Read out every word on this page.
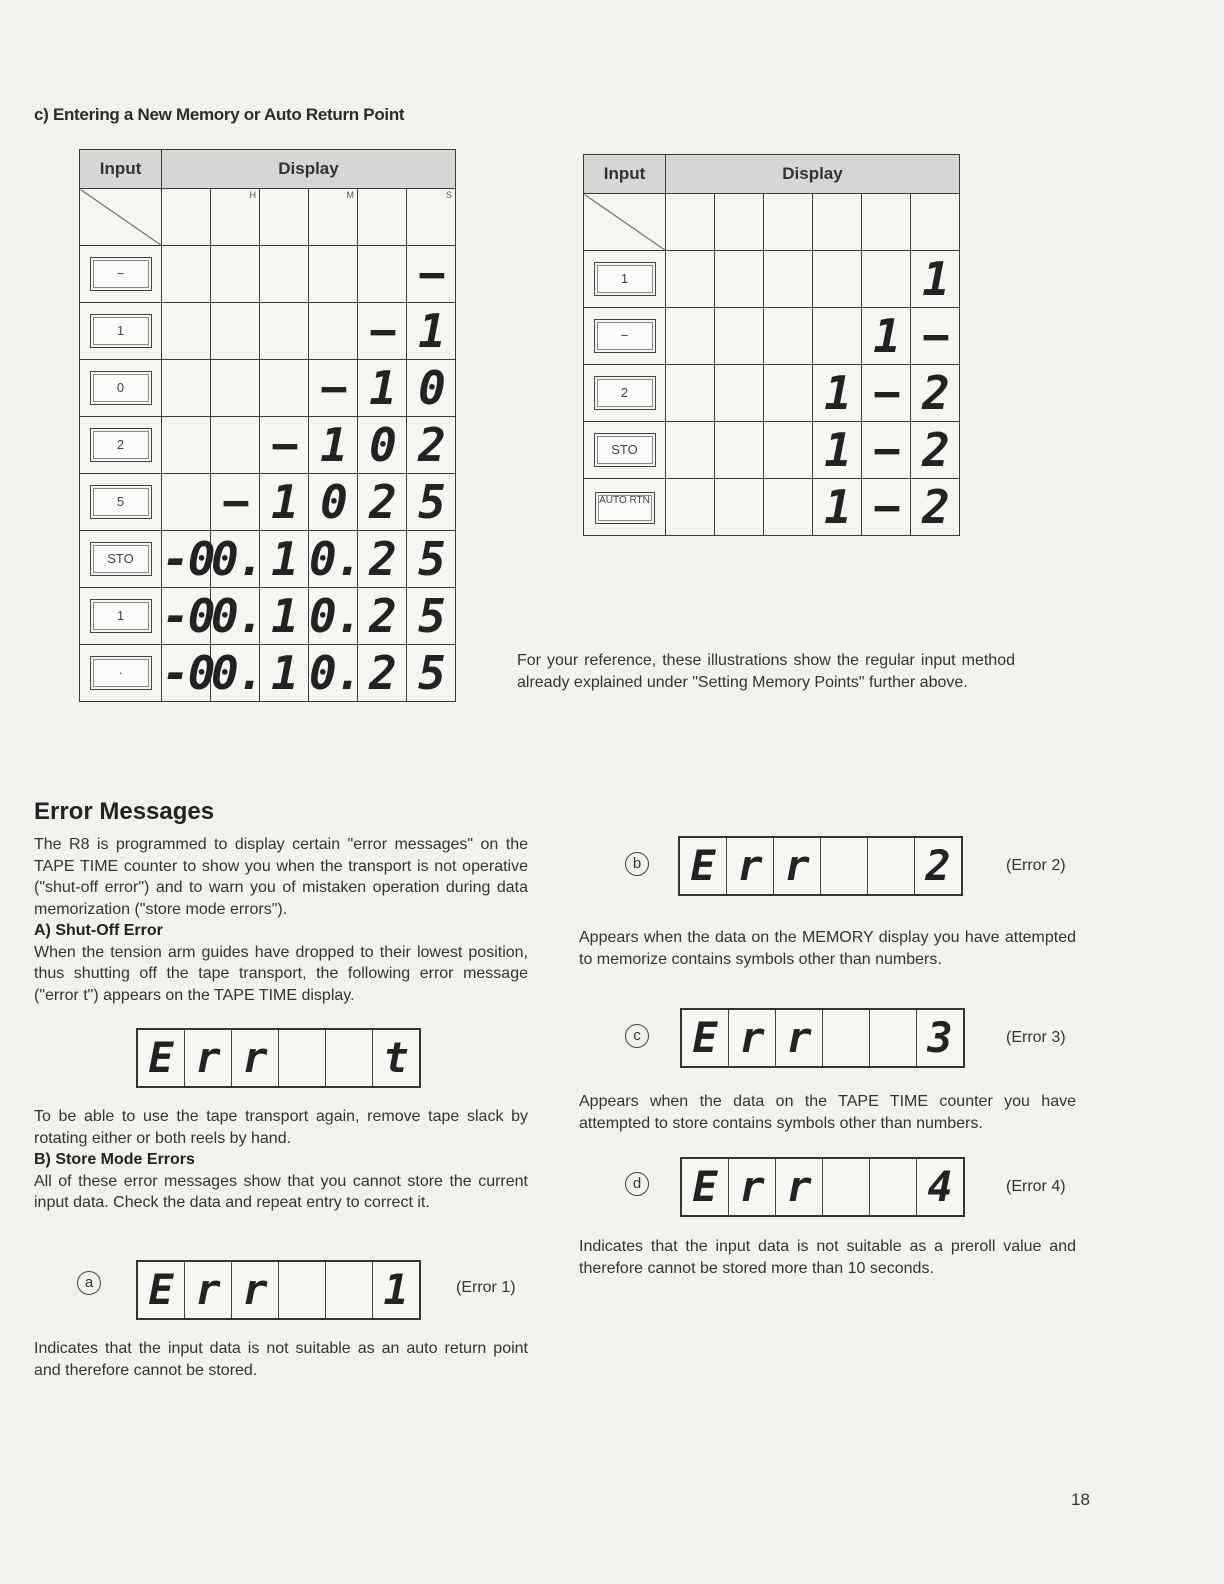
c) Entering a New Memory or Auto Return Point
Input	Display					

		H		M		S

−						−
1					−	1
0				−	1	0
2			−	1	0	2
5		−	1	0	2	5
STO	-0	0.	1	0.	2	5
1	-0	0.	1	0.	2	5
·	-0	0.	1	0.	2	5
Input	Display					

1						1
−					1	−
2				1	−	2
STO				1	−	2
AUTO RTN				1	−	2
For your reference, these illustrations show the regular input method already explained under "Setting Memory Points" further above.
Error Messages
The R8 is programmed to display certain "error messages" on the TAPE TIME counter to show you when the transport is not operative ("shut-off error") and to warn you of mistaken operation during data memorization ("store mode errors").
A) Shut-Off Error
When the tension arm guides have dropped to their lowest position, thus shutting off the tape transport, the following error message ("error t") appears on the TAPE TIME display.
E r r	t
To be able to use the tape transport again, remove tape slack by rotating either or both reels by hand.
B) Store Mode Errors
All of these error messages show that you cannot store the current input data. Check the data and repeat entry to correct it.
a E r r	1	(Error 1)
Indicates that the input data is not suitable as an auto return point and therefore cannot be stored.
b E r r	2	(Error 2)
Appears when the data on the MEMORY display you have attempted to memorize contains symbols other than numbers.
c E r r	3	(Error 3)
Appears when the data on the TAPE TIME counter you have attempted to store contains symbols other than numbers.
d E r r	4	(Error 4)
Indicates that the input data is not suitable as a preroll value and therefore cannot be stored more than 10 seconds.
18
